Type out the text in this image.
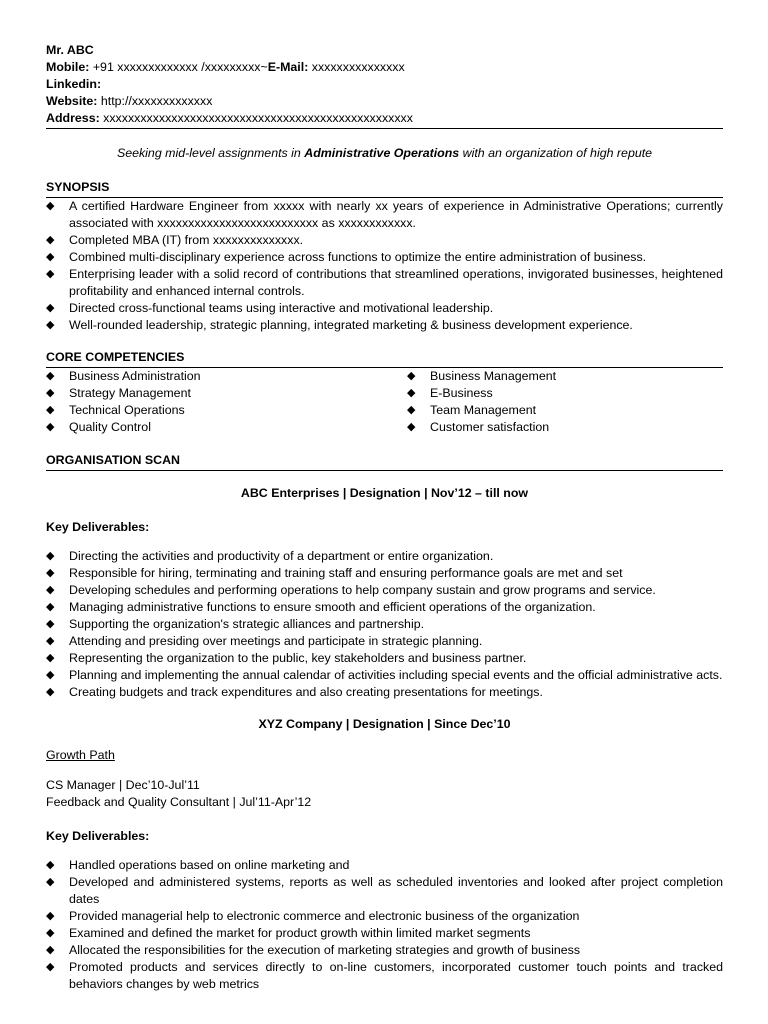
Mr. ABC

Mobile: +91 xxxxxxxxxxxxx /xxxxxxxxx~E-Mail: xxxxxxxxxxxxxxx

Linkedin:

Website: http://xxxxxxxxxxxxx

Address: xxxxxxxxxxxxxxxxxxxxxxxxxxxxxxxxxxxxxxxxxxxxxxxxxx

Seeking mid-level assignments in Administrative Operations with an organization of high repute

SYNOPSIS

◆ A certified Hardware Engineer from xxxxx with nearly xx years of experience in Administrative Operations; currently associated with xxxxxxxxxxxxxxxxxxxxxxxxxx as xxxxxxxxxxxx.
◆ Completed MBA (IT) from xxxxxxxxxxxxxx.
◆ Combined multi-disciplinary experience across functions to optimize the entire administration of business.
◆ Enterprising leader with a solid record of contributions that streamlined operations, invigorated businesses, heightened profitability and enhanced internal controls.
◆ Directed cross-functional teams using interactive and motivational leadership.
◆ Well-rounded leadership, strategic planning, integrated marketing & business development experience.

CORE COMPETENCIES

◆ Business Administration
◆ Strategy Management
◆ Technical Operations
◆ Quality Control
◆ Business Management
◆ E-Business
◆ Team Management
◆ Customer satisfaction

ORGANISATION SCAN

ABC Enterprises | Designation | Nov’12 – till now

Key Deliverables:

◆ Directing the activities and productivity of a department or entire organization.
◆ Responsible for hiring, terminating and training staff and ensuring performance goals are met and set
◆ Developing schedules and performing operations to help company sustain and grow programs and service.
◆ Managing administrative functions to ensure smooth and efficient operations of the organization.
◆ Supporting the organization's strategic alliances and partnership.
◆ Attending and presiding over meetings and participate in strategic planning.
◆ Representing the organization to the public, key stakeholders and business partner.
◆ Planning and implementing the annual calendar of activities including special events and the official administrative acts.
◆ Creating budgets and track expenditures and also creating presentations for meetings.

XYZ Company | Designation | Since Dec’10

Growth Path

CS Manager | Dec’10-Jul’11

Feedback and Quality Consultant | Jul’11-Apr’12

Key Deliverables:

◆ Handled operations based on online marketing and
◆ Developed and administered systems, reports as well as scheduled inventories and looked after project completion dates
◆ Provided managerial help to electronic commerce and electronic business of the organization
◆ Examined and defined the market for product growth within limited market segments
◆ Allocated the responsibilities for the execution of marketing strategies and growth of business
◆ Promoted products and services directly to on-line customers, incorporated customer touch points and tracked behaviors changes by web metrics
